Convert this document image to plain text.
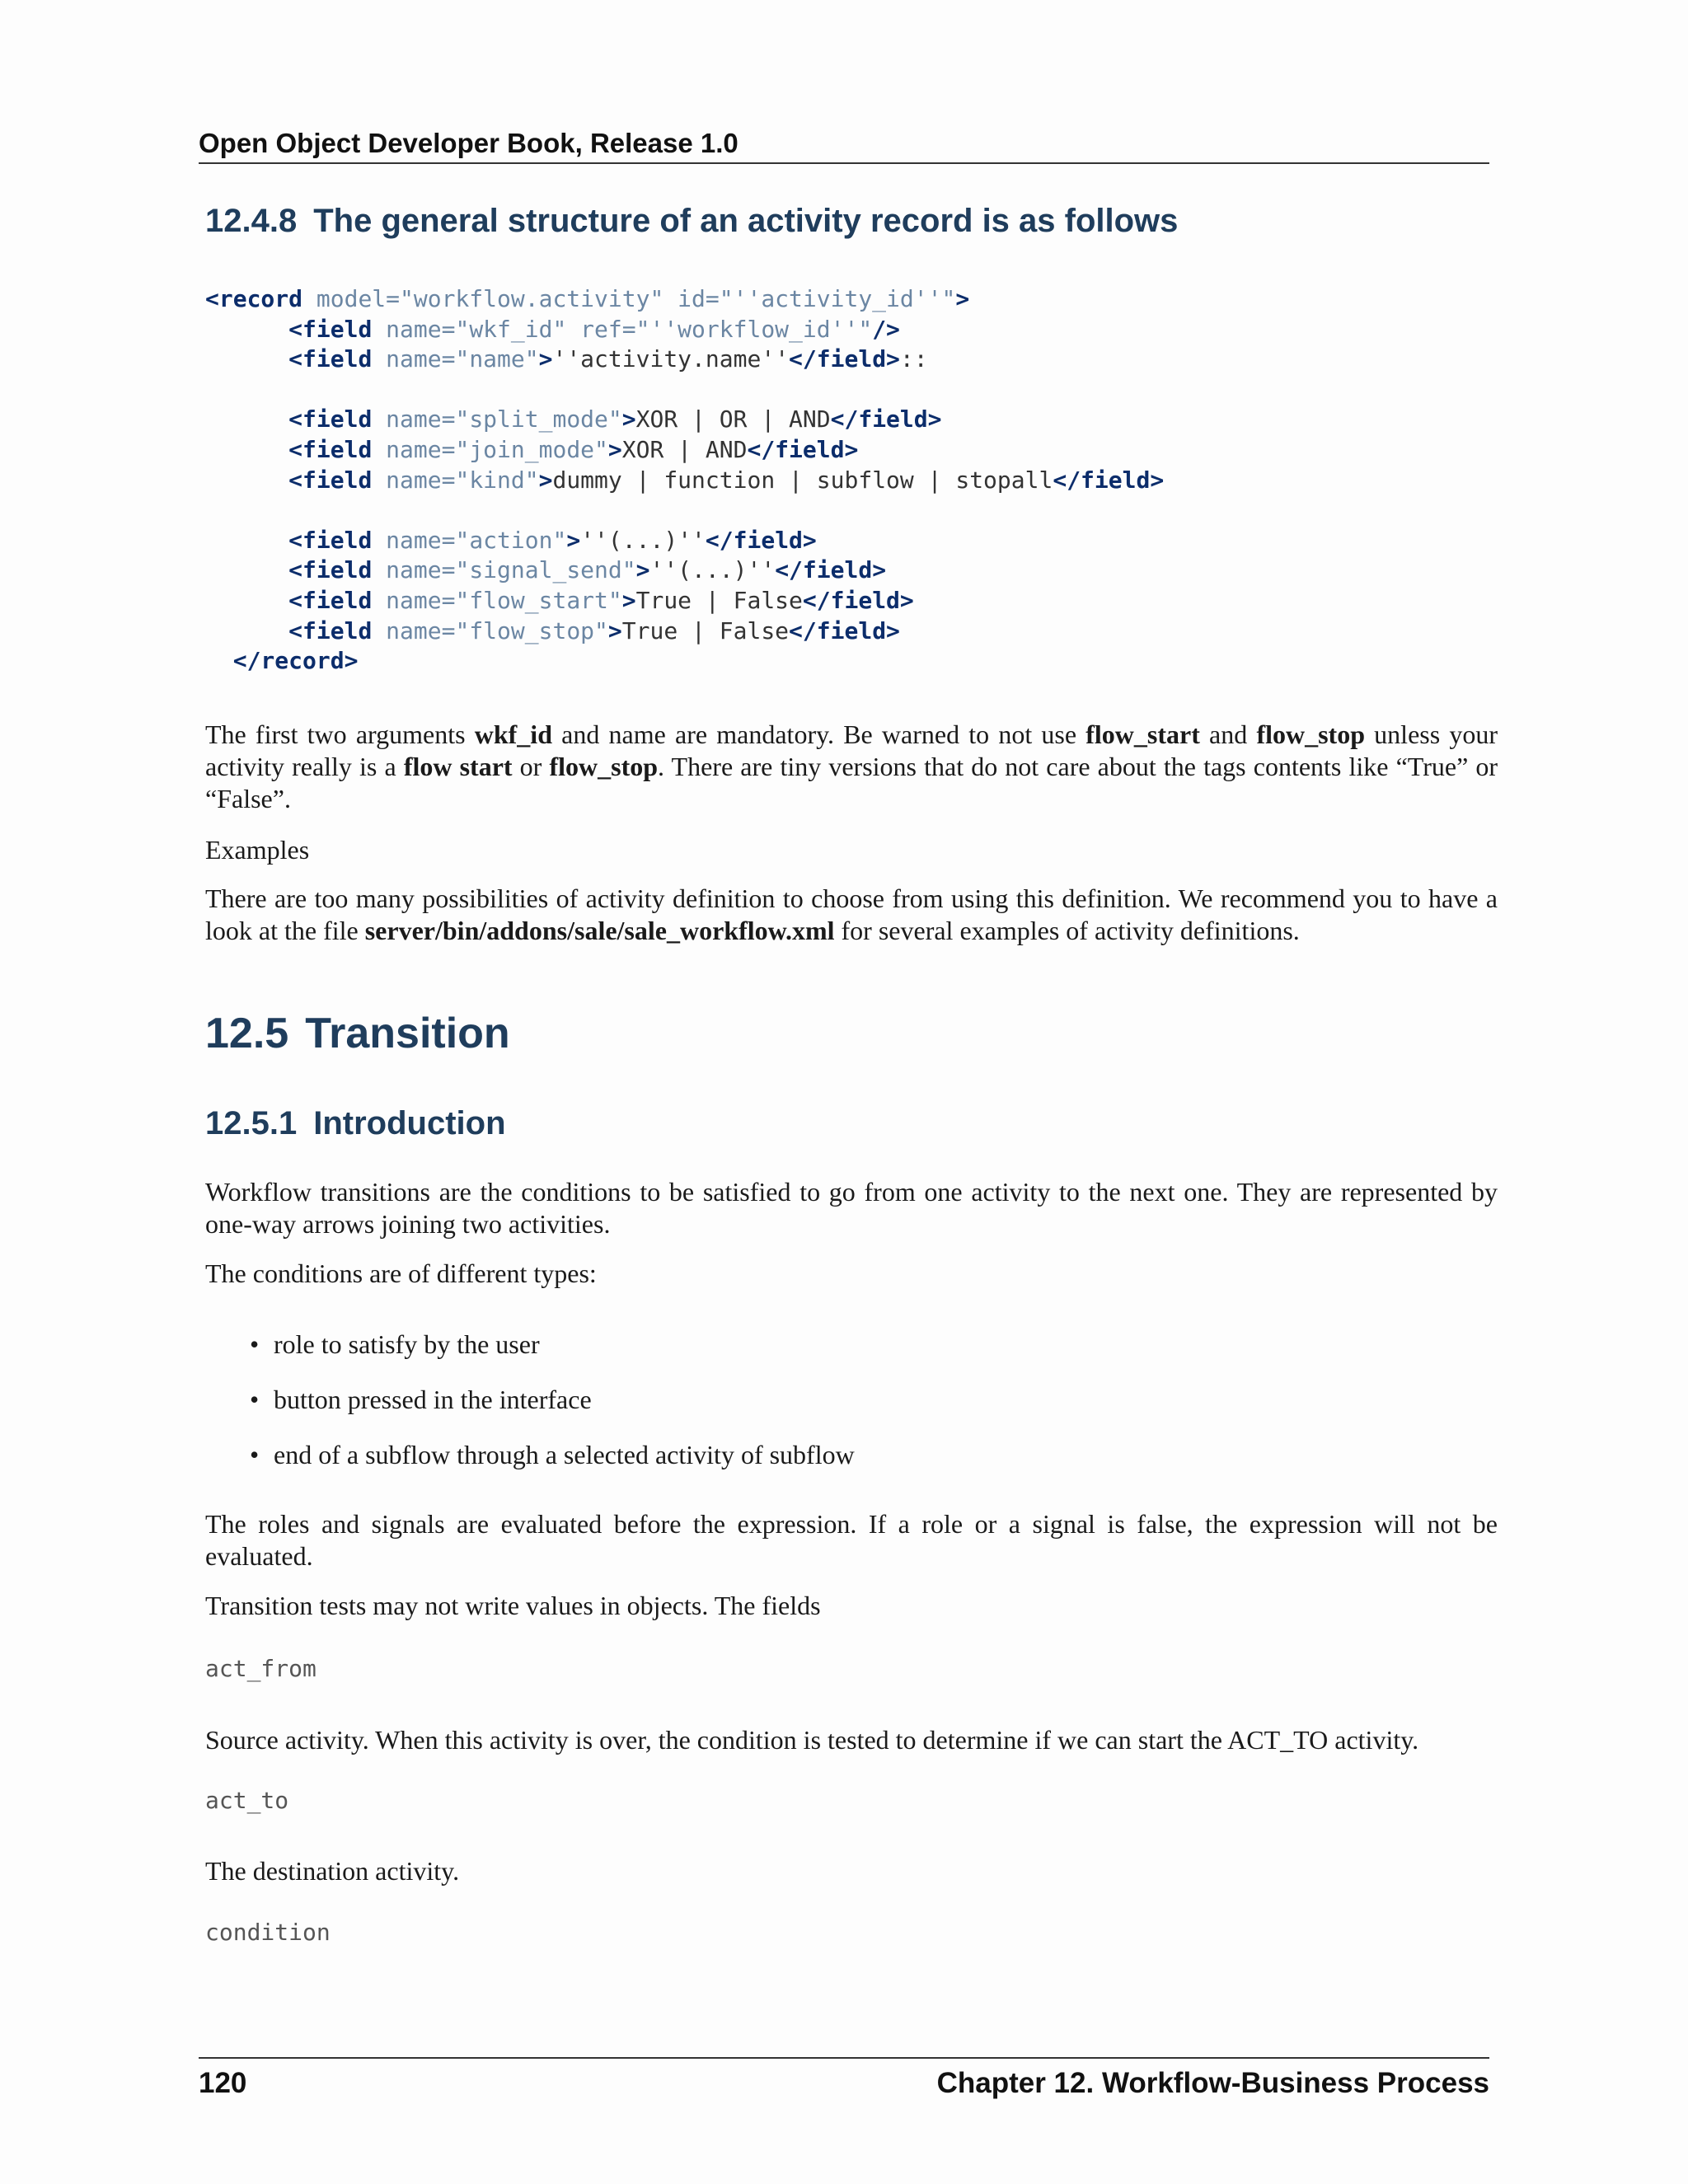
Open Object Developer Book, Release 1.0
12.4.8 The general structure of an activity record is as follows
<record model="workflow.activity" id="''activity_id''">
<field name="wkf_id" ref="''workflow_id''"/>
<field name="name">''activity.name''</field>::

<field name="split_mode">XOR | OR | AND</field>
<field name="join_mode">XOR | AND</field>
<field name="kind">dummy | function | subflow | stopall</field>

<field name="action">''(...)''</field>
<field name="signal_send">''(...)''</field>
<field name="flow_start">True | False</field>
<field name="flow_stop">True | False</field>
</record>

The first two arguments wkf_id and name are mandatory. Be warned to not use flow_start and flow_stop unless your activity really is a flow start or flow_stop. There are tiny versions that do not care about the tags contents like “True” or “False”.

Examples

There are too many possibilities of activity definition to choose from using this definition. We recommend you to have a look at the file server/bin/addons/sale/sale_workflow.xml for several examples of activity definitions.

12.5 Transition
12.5.1 Introduction

Workflow transitions are the conditions to be satisfied to go from one activity to the next one. They are represented by one-way arrows joining two activities.

The conditions are of different types:

• role to satisfy by the user
• button pressed in the interface
• end of a subflow through a selected activity of subflow

The roles and signals are evaluated before the expression. If a role or a signal is false, the expression will not be evaluated.

Transition tests may not write values in objects. The fields

act_from

Source activity. When this activity is over, the condition is tested to determine if we can start the ACT_TO activity.

act_to

The destination activity.

condition

120	Chapter 12. Workflow-Business Process
